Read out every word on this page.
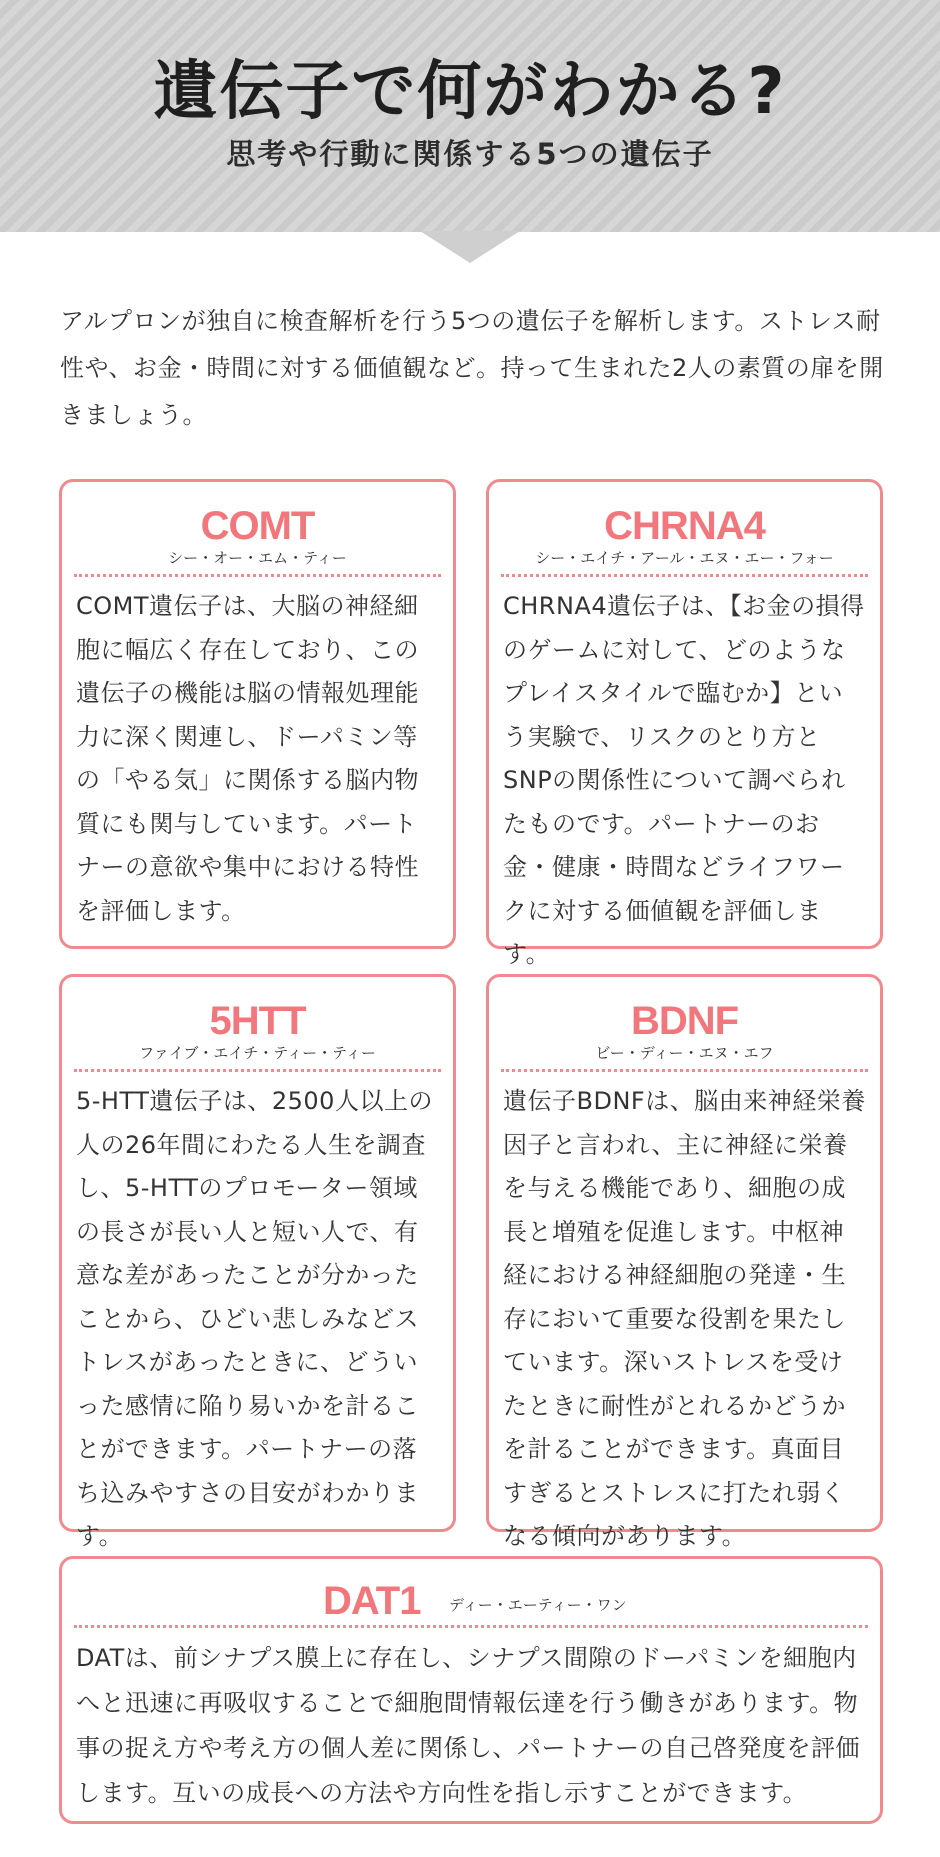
遺伝子で何がわかる?
思考や行動に関係する5つの遺伝子

アルプロンが独自に検査解析を行う5つの遺伝子を解析します。ストレス耐性や、お金・時間に対する価値観など。持って生まれた2人の素質の扉を開きましょう。

COMT
シー・オー・エム・ティー

COMT遺伝子は、大脳の神経細胞に幅広く存在しており、この遺伝子の機能は脳の情報処理能力に深く関連し、ドーパミン等の「やる気」に関係する脳内物質にも関与しています。パートナーの意欲や集中における特性を評価します。

CHRNA4
シー・エイチ・アール・エヌ・エー・フォー

CHRNA4遺伝子は、【お金の損得のゲームに対して、どのようなプレイスタイルで臨むか】という実験で、リスクのとり方とSNPの関係性について調べられたものです。パートナーのお金・健康・時間などライフワークに対する価値観を評価します。

5HTT
ファイブ・エイチ・ティー・ティー

5-HTT遺伝子は、2500人以上の人の26年間にわたる人生を調査し、5-HTTのプロモーター領域の長さが長い人と短い人で、有意な差があったことが分かったことから、ひどい悲しみなどストレスがあったときに、どういった感情に陥り易いかを計ることができます。パートナーの落ち込みやすさの目安がわかります。

BDNF
ビー・ディー・エヌ・エフ

遺伝子BDNFは、脳由来神経栄養因子と言われ、主に神経に栄養を与える機能であり、細胞の成長と増殖を促進します。中枢神経における神経細胞の発達・生存において重要な役割を果たしています。深いストレスを受けたときに耐性がとれるかどうかを計ることができます。真面目すぎるとストレスに打たれ弱くなる傾向があります。

DAT1 ディー・エーティー・ワン

DATは、前シナプス膜上に存在し、シナプス間隙のドーパミンを細胞内へと迅速に再吸収することで細胞間情報伝達を行う働きがあります。物事の捉え方や考え方の個人差に関係し、パートナーの自己啓発度を評価します。互いの成長への方法や方向性を指し示すことができます。
